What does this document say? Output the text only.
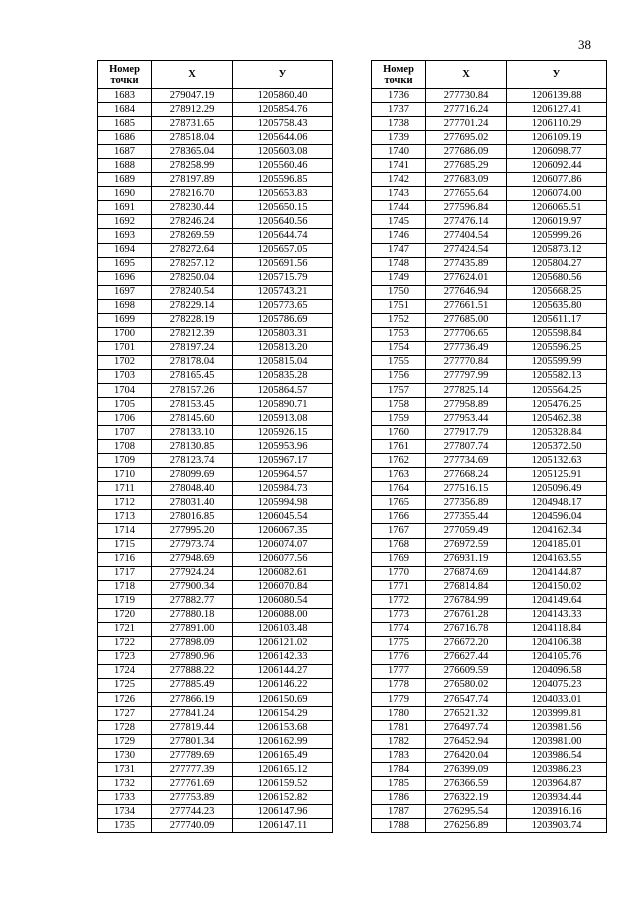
38
Номер
точки	X	У
1683	279047.19	1205860.40
1684	278912.29	1205854.76
1685	278731.65	1205758.43
1686	278518.04	1205644.06
1687	278365.04	1205603.08
1688	278258.99	1205560.46
1689	278197.89	1205596.85
1690	278216.70	1205653.83
1691	278230.44	1205650.15
1692	278246.24	1205640.56
1693	278269.59	1205644.74
1694	278272.64	1205657.05
1695	278257.12	1205691.56
1696	278250.04	1205715.79
1697	278240.54	1205743.21
1698	278229.14	1205773.65
1699	278228.19	1205786.69
1700	278212.39	1205803.31
1701	278197.24	1205813.20
1702	278178.04	1205815.04
1703	278165.45	1205835.28
1704	278157.26	1205864.57
1705	278153.45	1205890.71
1706	278145.60	1205913.08
1707	278133.10	1205926.15
1708	278130.85	1205953.96
1709	278123.74	1205967.17
1710	278099.69	1205964.57
1711	278048.40	1205984.73
1712	278031.40	1205994.98
1713	278016.85	1206045.54
1714	277995.20	1206067.35
1715	277973.74	1206074.07
1716	277948.69	1206077.56
1717	277924.24	1206082.61
1718	277900.34	1206070.84
1719	277882.77	1206080.54
1720	277880.18	1206088.00
1721	277891.00	1206103.48
1722	277898.09	1206121.02
1723	277890.96	1206142.33
1724	277888.22	1206144.27
1725	277885.49	1206146.22
1726	277866.19	1206150.69
1727	277841.24	1206154.29
1728	277819.44	1206153.68
1729	277801.34	1206162.99
1730	277789.69	1206165.49
1731	277777.39	1206165.12
1732	277761.69	1206159.52
1733	277753.89	1206152.82
1734	277744.23	1206147.96
1735	277740.09	1206147.11
Номер
точки	X	У
1736	277730.84	1206139.88
1737	277716.24	1206127.41
1738	277701.24	1206110.29
1739	277695.02	1206109.19
1740	277686.09	1206098.77
1741	277685.29	1206092.44
1742	277683.09	1206077.86
1743	277655.64	1206074.00
1744	277596.84	1206065.51
1745	277476.14	1206019.97
1746	277404.54	1205999.26
1747	277424.54	1205873.12
1748	277435.89	1205804.27
1749	277624.01	1205680.56
1750	277646.94	1205668.25
1751	277661.51	1205635.80
1752	277685.00	1205611.17
1753	277706.65	1205598.84
1754	277736.49	1205596.25
1755	277770.84	1205599.99
1756	277797.99	1205582.13
1757	277825.14	1205564.25
1758	277958.89	1205476.25
1759	277953.44	1205462.38
1760	277917.79	1205328.84
1761	277807.74	1205372.50
1762	277734.69	1205132.63
1763	277668.24	1205125.91
1764	277516.15	1205096.49
1765	277356.89	1204948.17
1766	277355.44	1204596.04
1767	277059.49	1204162.34
1768	276972.59	1204185.01
1769	276931.19	1204163.55
1770	276874.69	1204144.87
1771	276814.84	1204150.02
1772	276784.99	1204149.64
1773	276761.28	1204143.33
1774	276716.78	1204118.84
1775	276672.20	1204106.38
1776	276627.44	1204105.76
1777	276609.59	1204096.58
1778	276580.02	1204075.23
1779	276547.74	1204033.01
1780	276521.32	1203999.81
1781	276497.74	1203981.56
1782	276452.94	1203981.00
1783	276420.04	1203986.54
1784	276399.09	1203986.23
1785	276366.59	1203964.87
1786	276322.19	1203934.44
1787	276295.54	1203916.16
1788	276256.89	1203903.74
